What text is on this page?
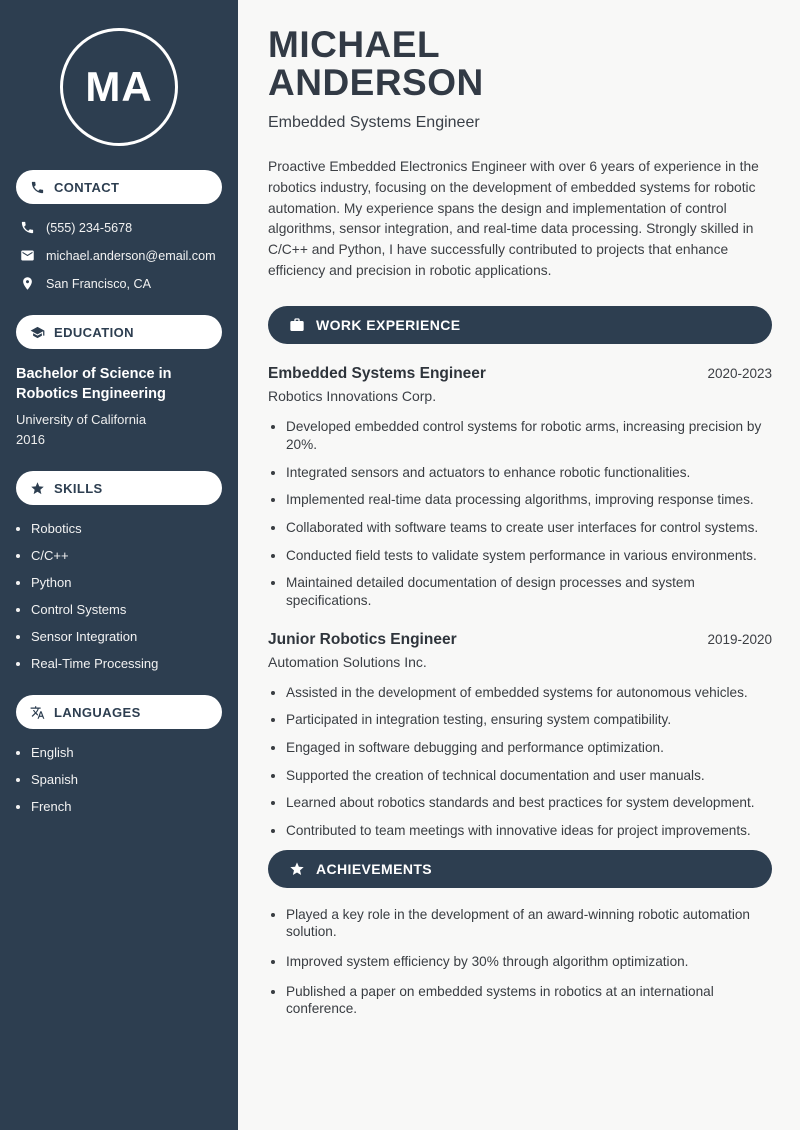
MA
CONTACT
(555) 234-5678
michael.anderson@email.com
San Francisco, CA
EDUCATION
Bachelor of Science in Robotics Engineering
University of California
2016
SKILLS
• Robotics
• C/C++
• Python
• Control Systems
• Sensor Integration
• Real-Time Processing
LANGUAGES
• English
• Spanish
• French
MICHAEL
ANDERSON
Embedded Systems Engineer

Proactive Embedded Electronics Engineer with over 6 years of experience in the robotics industry, focusing on the development of embedded systems for robotic automation. My experience spans the design and implementation of control algorithms, sensor integration, and real-time data processing. Strongly skilled in C/C++ and Python, I have successfully contributed to projects that enhance efficiency and precision in robotic applications.

WORK EXPERIENCE
Embedded Systems Engineer	2020-2023
Robotics Innovations Corp.
• Developed embedded control systems for robotic arms, increasing precision by 20%.
• Integrated sensors and actuators to enhance robotic functionalities.
• Implemented real-time data processing algorithms, improving response times.
• Collaborated with software teams to create user interfaces for control systems.
• Conducted field tests to validate system performance in various environments.
• Maintained detailed documentation of design processes and system specifications.
Junior Robotics Engineer	2019-2020
Automation Solutions Inc.
• Assisted in the development of embedded systems for autonomous vehicles.
• Participated in integration testing, ensuring system compatibility.
• Engaged in software debugging and performance optimization.
• Supported the creation of technical documentation and user manuals.
• Learned about robotics standards and best practices for system development.
• Contributed to team meetings with innovative ideas for project improvements.
ACHIEVEMENTS
• Played a key role in the development of an award-winning robotic automation solution.
• Improved system efficiency by 30% through algorithm optimization.
• Published a paper on embedded systems in robotics at an international conference.
